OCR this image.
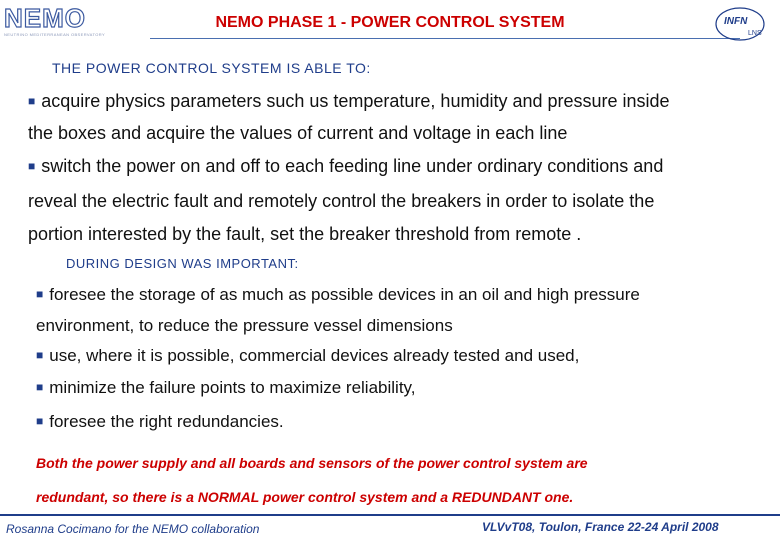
NEMO
NEUTRINO MEDITERRANEAN OBSERVATORY
NEMO PHASE 1 - POWER CONTROL SYSTEM	INFN
LNS
THE POWER CONTROL SYSTEM IS ABLE TO:
■ acquire physics parameters such us temperature, humidity and pressure inside
the boxes and acquire the values of current and voltage in each line
■ switch the power on and off to each feeding line under ordinary conditions and
reveal the electric fault and remotely control the breakers in order to isolate the
portion interested by the fault, set the breaker threshold from remote .
DURING DESIGN WAS IMPORTANT:
■ foresee the storage of as much as possible devices in an oil and high pressure
environment, to reduce the pressure vessel dimensions
■ use, where it is possible, commercial devices already tested and used,
■ minimize the failure points to maximize reliability,
■ foresee the right redundancies.
Both the power supply and all boards and sensors of the power control system are
redundant, so there is a NORMAL power control system and a REDUNDANT one.
Rosanna Cocimano for the NEMO collaboration	VLVvT08, Toulon, France 22-24 April 2008
